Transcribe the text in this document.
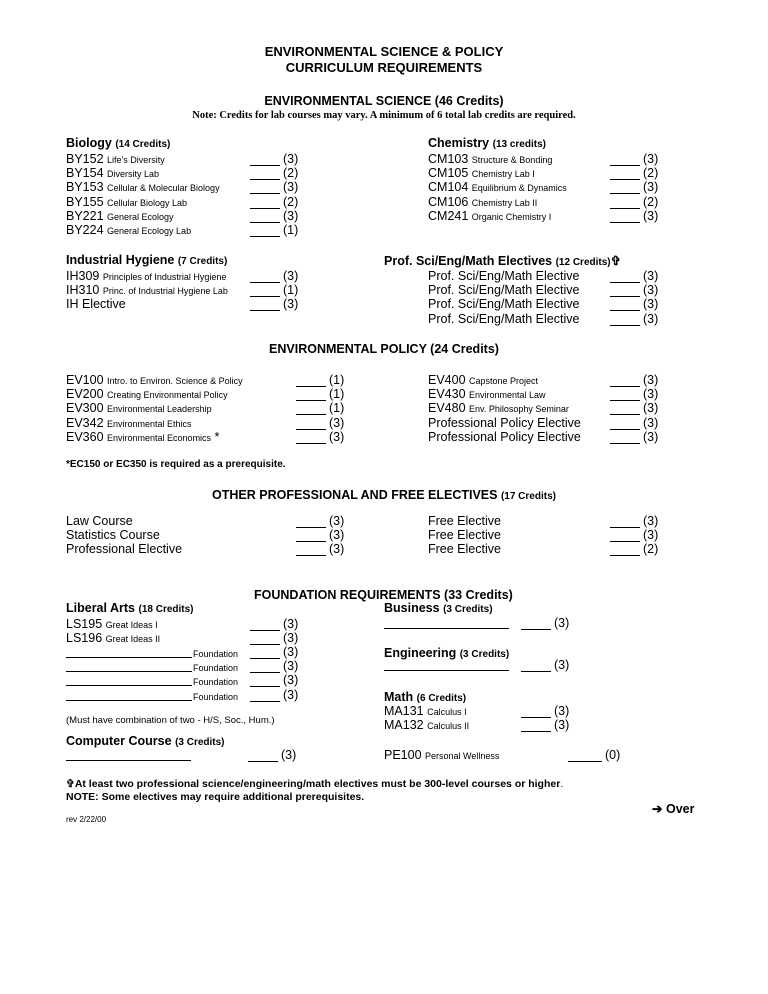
ENVIRONMENTAL SCIENCE & POLICY
CURRICULUM REQUIREMENTS
ENVIRONMENTAL SCIENCE (46 Credits)
Note: Credits for lab courses may vary. A minimum of 6 total lab credits are required.
Biology (14 Credits)
BY152 Life's Diversity	(3)
BY154 Diversity Lab	(2)
BY153 Cellular & Molecular Biology	(3)
BY155 Cellular Biology Lab	(2)
BY221 General Ecology	(3)
BY224 General Ecology Lab	(1)
Chemistry (13 credits)
CM103 Structure & Bonding	(3)
CM105 Chemistry Lab I	(2)
CM104 Equilibrium & Dynamics	(3)
CM106 Chemistry Lab II	(2)
CM241 Organic Chemistry I	(3)
Industrial Hygiene (7 Credits)
IH309 Principles of Industrial Hygiene	(3)
IH310 Princ. of Industrial Hygiene Lab	(1)
IH Elective	(3)
Prof. Sci/Eng/Math Electives (12 Credits)✞
Prof. Sci/Eng/Math Elective	(3)
Prof. Sci/Eng/Math Elective	(3)
Prof. Sci/Eng/Math Elective	(3)
Prof. Sci/Eng/Math Elective	(3)
ENVIRONMENTAL POLICY (24 Credits)
EV100 Intro. to Environ. Science & Policy	(1)
EV200 Creating Environmental Policy	(1)
EV300 Environmental Leadership	(1)
EV342 Environmental Ethics	(3)
EV360 Environmental Economics *	(3)
EV400 Capstone Project	(3)
EV430 Environmental Law	(3)
EV480 Env. Philosophy Seminar	(3)
Professional Policy Elective	(3)
Professional Policy Elective	(3)
*EC150 or EC350 is required as a prerequisite.
OTHER PROFESSIONAL AND FREE ELECTIVES (17 Credits)
Law Course	(3)
Statistics Course	(3)
Professional Elective	(3)
Free Elective	(3)
Free Elective	(3)
Free Elective	(2)
FOUNDATION REQUIREMENTS (33 Credits)
Liberal Arts (18 Credits)
LS195 Great Ideas I	(3)
LS196 Great Ideas II	(3)
Foundation	(3)
Foundation	(3)
Foundation	(3)
Foundation	(3)
(Must have combination of two - H/S, Soc., Hum.)
Business (3 Credits)
(3)
Engineering (3 Credits)
(3)
Math (6 Credits)
MA131 Calculus I	(3)
MA132 Calculus II	(3)
Computer Course (3 Credits)
(3)	PE100 Personal Wellness	(0)
✞At least two professional science/engineering/math electives must be 300-level courses or higher.
NOTE: Some electives may require additional prerequisites.
➔ Over
rev 2/22/00
